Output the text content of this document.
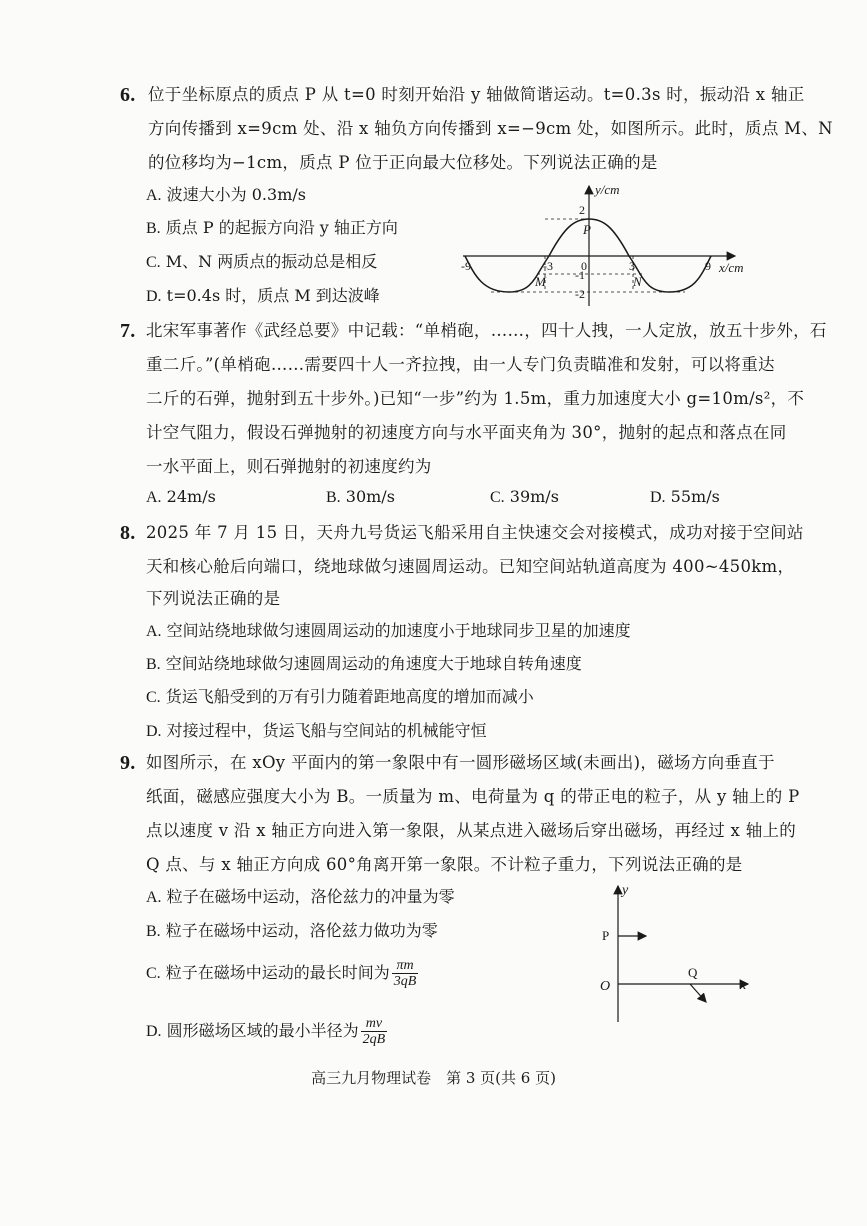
6. 位于坐标原点的质点 P 从 t=0 时刻开始沿 y 轴做简谐运动。t=0.3s 时，振动沿 x 轴正
方向传播到 x=9cm 处、沿 x 轴负方向传播到 x=−9cm 处，如图所示。此时，质点 M、N
的位移均为−1cm，质点 P 位于正向最大位移处。下列说法正确的是
A. 波速大小为 0.3m/s
B. 质点 P 的起振方向沿 y 轴正方向
C. M、N 两质点的振动总是相反
D. t=0.4s 时，质点 M 到达波峰
y/cm
x/cm
2
-1
-2
-9	-3 0	3	9
P
M	N
7. 北宋军事著作《武经总要》中记载：“单梢砲，……，四十人拽，一人定放，放五十步外，石
重二斤。”(单梢砲……需要四十人一齐拉拽，由一人专门负责瞄准和发射，可以将重达
二斤的石弹，抛射到五十步外。)已知“一步”约为 1.5m，重力加速度大小 g=10m/s²，不
计空气阻力，假设石弹抛射的初速度方向与水平面夹角为 30°，抛射的起点和落点在同
一水平面上，则石弹抛射的初速度约为
A. 24m/s	B. 30m/s	C. 39m/s	D. 55m/s
8. 2025 年 7 月 15 日，天舟九号货运飞船采用自主快速交会对接模式，成功对接于空间站
天和核心舱后向端口，绕地球做匀速圆周运动。已知空间站轨道高度为 400~450km，
下列说法正确的是
A. 空间站绕地球做匀速圆周运动的加速度小于地球同步卫星的加速度
B. 空间站绕地球做匀速圆周运动的角速度大于地球自转角速度
C. 货运飞船受到的万有引力随着距地高度的增加而减小
D. 对接过程中，货运飞船与空间站的机械能守恒
9. 如图所示，在 xOy 平面内的第一象限中有一圆形磁场区域(未画出)，磁场方向垂直于
纸面，磁感应强度大小为 B。一质量为 m、电荷量为 q 的带正电的粒子，从 y 轴上的 P
点以速度 v 沿 x 轴正方向进入第一象限，从某点进入磁场后穿出磁场，再经过 x 轴上的
Q 点、与 x 轴正方向成 60°角离开第一象限。不计粒子重力，下列说法正确的是
A. 粒子在磁场中运动，洛伦兹力的冲量为零
B. 粒子在磁场中运动，洛伦兹力做功为零
C. 粒子在磁场中运动的最长时间为 $\frac{\pi m}{3qB}$
D. 圆形磁场区域的最小半径为 $\frac{mv}{2qB}$
y
x
O
P
Q
高三九月物理试卷　第 3 页(共 6 页)
